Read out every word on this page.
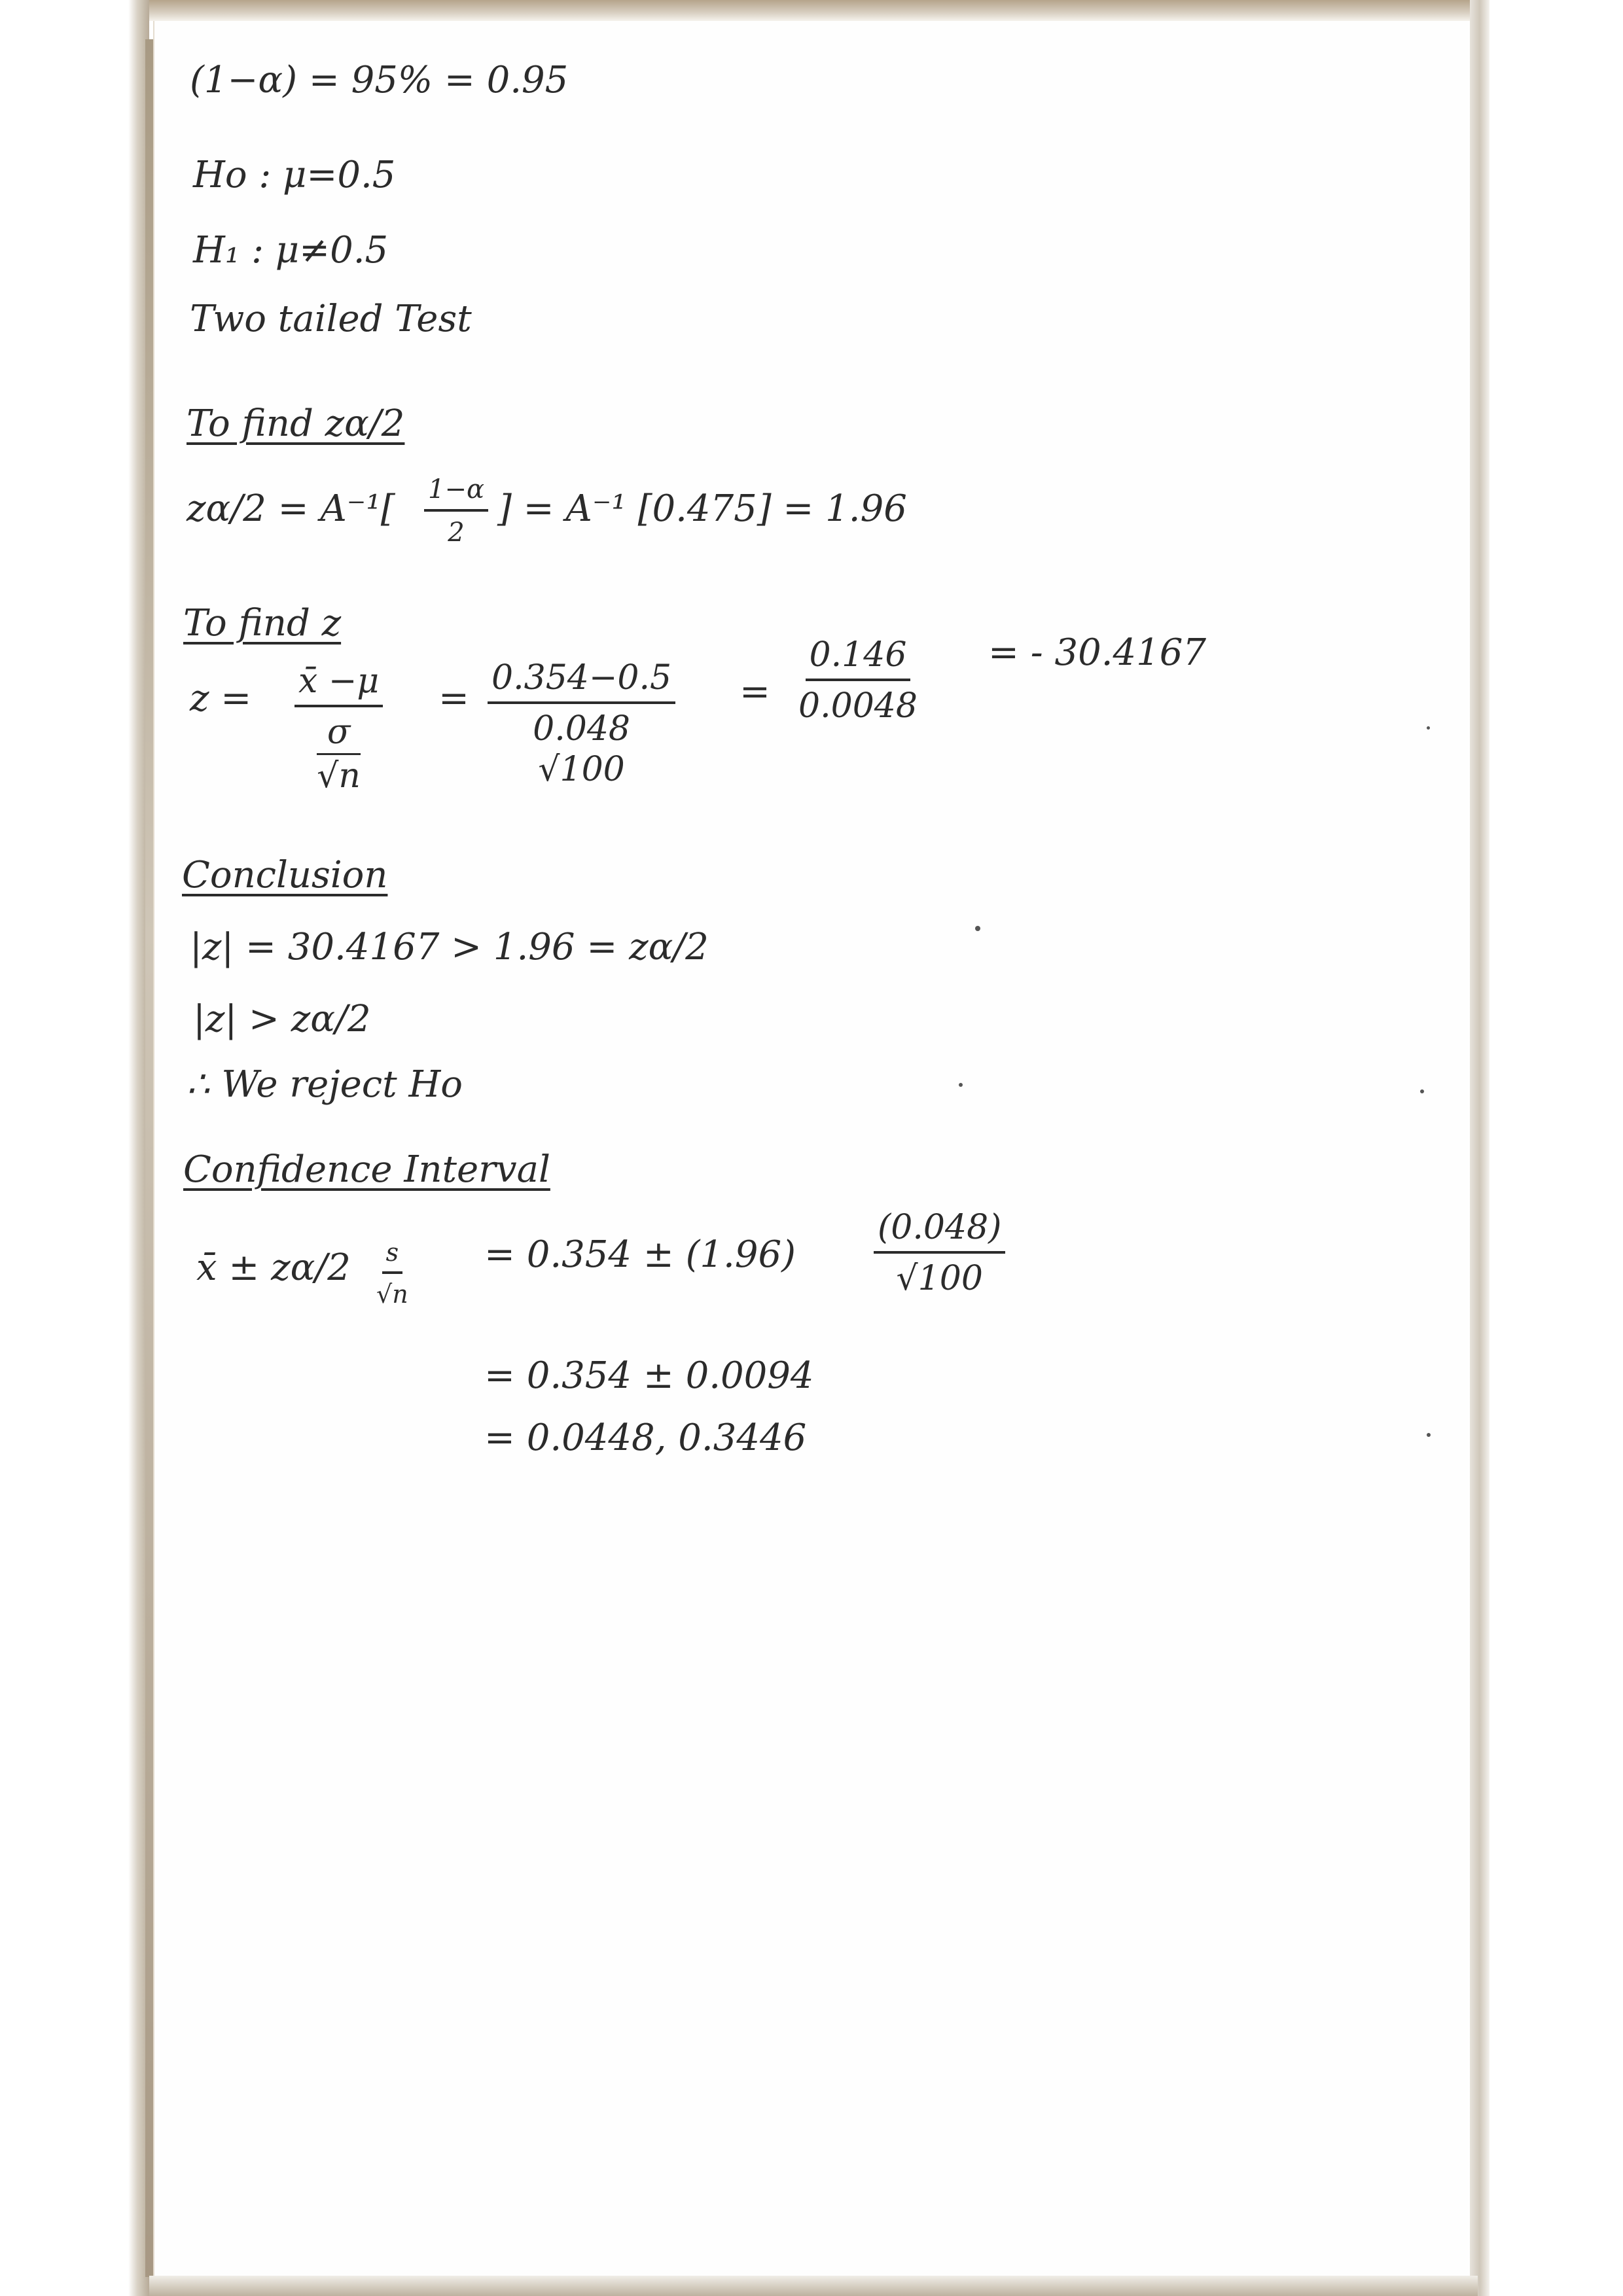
(1−α) = 95% = 0.95
Ho : μ=0.5
H₁ : μ≠0.5
Two tailed Test
To find zα/2
$z\alpha/2 = A^{-1}[ \frac{1-\alpha}{2}$ ] = A⁻¹ [0.475] = 1.96
To find z
z = x̄ −μ
σ
√n = 0.354−0.5
0.048
$√100 = \frac{0.146}{0.0048}$ = - 30.4167
Conclusion
|z| = 30.4167 > 1.96 = zα/2
|z| > zα/2
∴ We reject Ho
Confidence Interval
x̄ ± $z\alpha/2 \frac{s}{√n} = 0.354 \pm (1.96) \frac{(0.048)}{√100}$
= 0.354 ± 0.0094
= 0.0448, 0.3446
